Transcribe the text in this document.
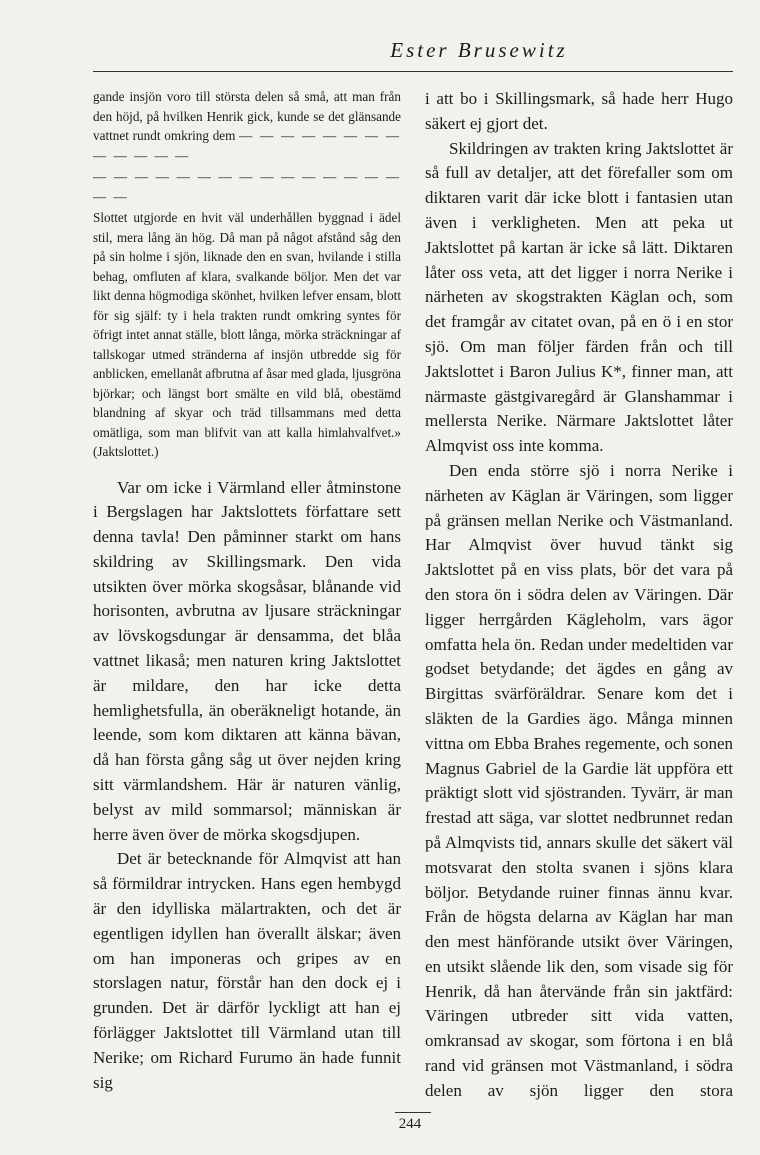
Ester Brusewitz

gande insjön voro till största delen så små, att man från den höjd, på hvilken Henrik gick, kunde se det glänsande vattnet rundt omkring dem — — — — — — — — — — — — —

— — — — — — — — — — — — — — — — —

Slottet utgjorde en hvit väl underhållen byggnad i ädel stil, mera lång än hög. Då man på något afstånd såg den på sin holme i sjön, liknade den en svan, hvilande i stilla behag, omfluten af klara, svalkande böljor. Men det var likt denna högmodiga skönhet, hvilken lefver ensam, blott för sig själf: ty i hela trakten rundt omkring syntes för öfrigt intet annat ställe, blott långa, mörka sträckningar af tallskogar utmed stränderna af insjön utbredde sig för anblicken, emellanåt afbrutna af åsar med glada, ljusgröna björkar; och längst bort smälte en vild blå, obestämd blandning af skyar och träd tillsammans med detta omätliga, som man blifvit van att kalla himlahvalfvet.» (Jaktslottet.)

Var om icke i Värmland eller åtminstone i Bergslagen har Jaktslottets författare sett denna tavla! Den påminner starkt om hans skildring av Skillingsmark. Den vida utsikten över mörka skogsåsar, blånande vid horisonten, avbrutna av ljusare sträckningar av lövskogsdungar är densamma, det blåa vattnet likaså; men naturen kring Jaktslottet är mildare, den har icke detta hemlighetsfulla, än oberäkneligt hotande, än leende, som kom diktaren att känna bävan, då han första gång såg ut över nejden kring sitt värmlandshem. Här är naturen vänlig, belyst av mild sommarsol; människan är herre även över de mörka skogsdjupen.

Det är betecknande för Almqvist att han så förmildrar intrycken. Hans egen hembygd är den idylliska mälartrakten, och det är egentligen idyllen han överallt älskar; även om han imponeras och gripes av en storslagen natur, förstår han den dock ej i grunden. Det är därför lyckligt att han ej förlägger Jaktslottet till Värmland utan till Nerike; om Richard Furumo än hade funnit sig

i att bo i Skillingsmark, så hade herr Hugo säkert ej gjort det.

Skildringen av trakten kring Jaktslottet är så full av detaljer, att det förefaller som om diktaren varit där icke blott i fantasien utan även i verkligheten. Men att peka ut Jaktslottet på kartan är icke så lätt. Diktaren låter oss veta, att det ligger i norra Nerike i närheten av skogstrakten Käglan och, som det framgår av citatet ovan, på en ö i en stor sjö. Om man följer färden från och till Jaktslottet i Baron Julius K*, finner man, att närmaste gästgivaregård är Glanshammar i mellersta Nerike. Närmare Jaktslottet låter Almqvist oss inte komma.

Den enda större sjö i norra Nerike i närheten av Käglan är Väringen, som ligger på gränsen mellan Nerike och Västmanland. Har Almqvist över huvud tänkt sig Jaktslottet på en viss plats, bör det vara på den stora ön i södra delen av Väringen. Där ligger herrgården Kägleholm, vars ägor omfatta hela ön. Redan under medeltiden var godset betydande; det ägdes en gång av Birgittas svärföräldrar. Senare kom det i släkten de la Gardies ägo. Många minnen vittna om Ebba Brahes regemente, och sonen Magnus Gabriel de la Gardie lät uppföra ett präktigt slott vid sjöstranden. Tyvärr, är man frestad att säga, var slottet nedbrunnet redan på Almqvists tid, annars skulle det säkert väl motsvarat den stolta svanen i sjöns klara böljor. Betydande ruiner finnas ännu kvar. Från de högsta delarna av Käglan har man den mest hänförande utsikt över Väringen, en utsikt slående lik den, som visade sig för Henrik, då han återvände från sin jaktfärd: Väringen utbreder sitt vida vatten, omkransad av skogar, som förtona i en blå rand vid gränsen mot Västmanland, i södra delen av sjön ligger den stora

244
